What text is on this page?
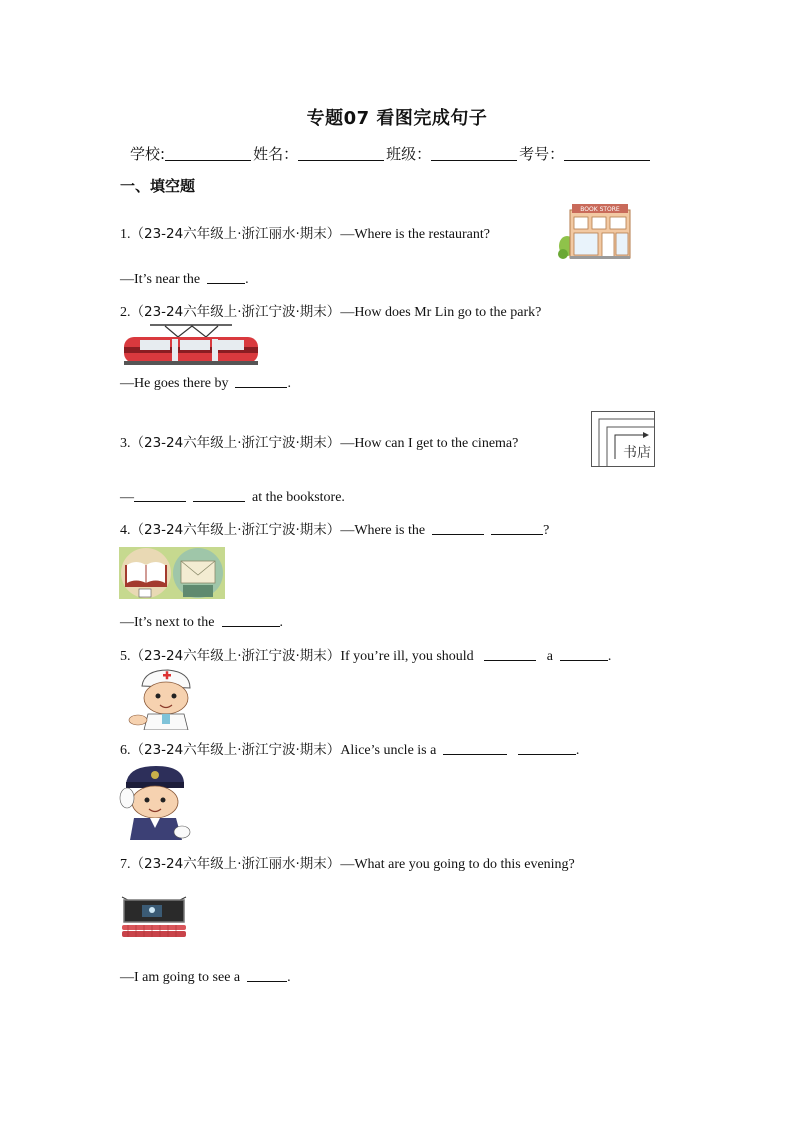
专题07 看图完成句子
学校:	姓名：	班级：	考号：
一、填空题
1.（23-24六年级上·浙江丽水·期末）—Where is the restaurant?
BOOK STORE
—It’s near the	.
2.（23-24六年级上·浙江宁波·期末）—How does Mr Lin go to the park?
—He goes there by	.
3.（23-24六年级上·浙江宁波·期末）—How can I get to the cinema?
书店
—	at the bookstore.
4.（23-24六年级上·浙江宁波·期末）—Where is the	?
—It’s next to the	.
5.（23-24六年级上·浙江宁波·期末）If you’re ill, you should	a	.
6.（23-24六年级上·浙江宁波·期末）Alice’s uncle is a	.
7.（23-24六年级上·浙江丽水·期末）—What are you going to do this evening?
—I am going to see a	.
